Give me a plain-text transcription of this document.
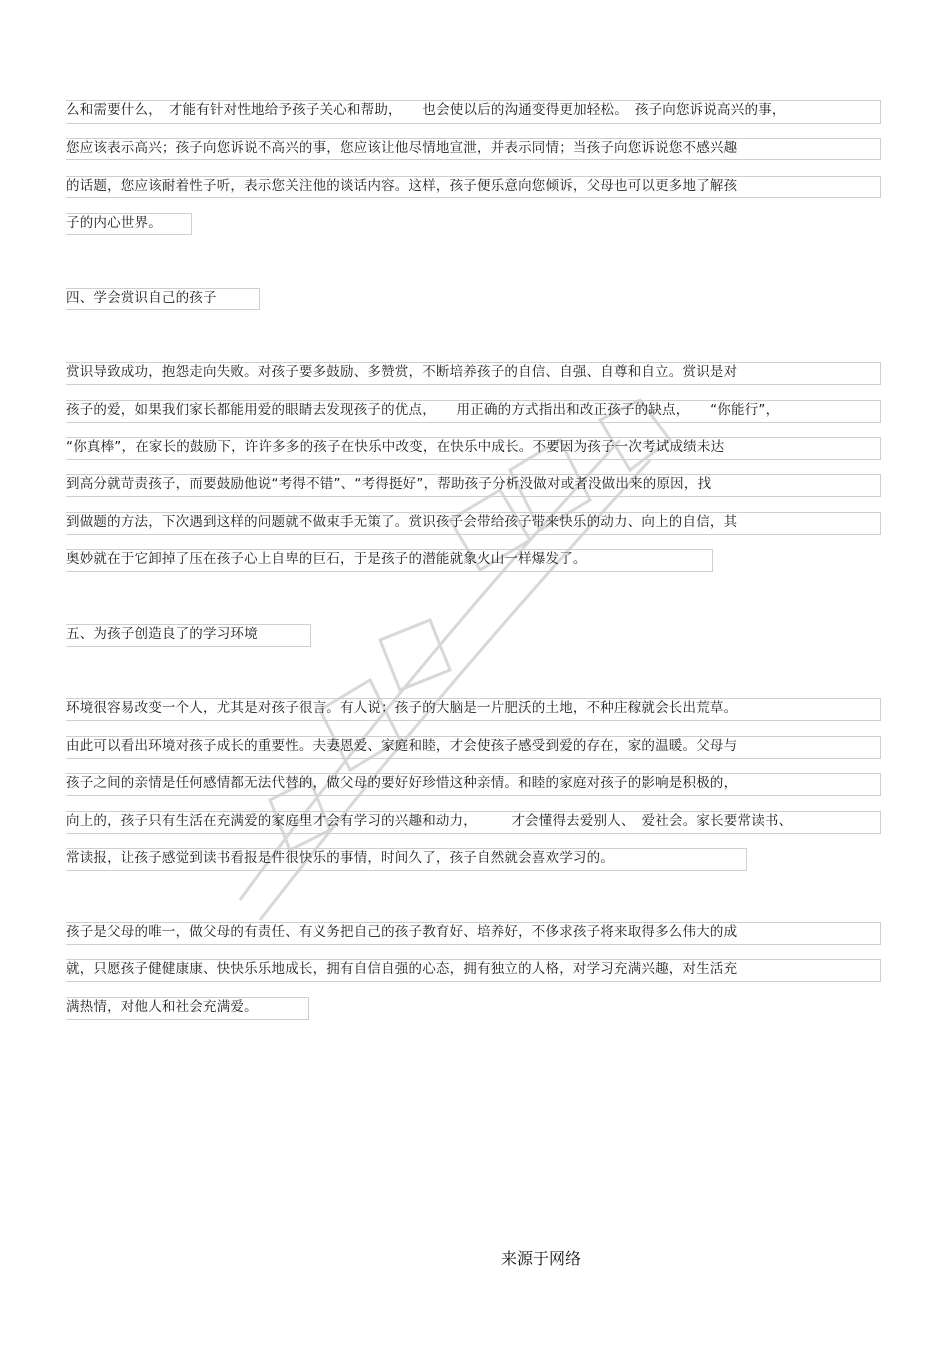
么和需要什么，　才能有针对性地给予孩子关心和帮助，　　也会使以后的沟通变得更加轻松。　孩子向您诉说高兴的事，
您应该表示高兴；孩子向您诉说不高兴的事，您应该让他尽情地宣泄，并表示同情；当孩子向您诉说您不感兴趣
的话题，您应该耐着性子听，表示您关注他的谈话内容。这样，孩子便乐意向您倾诉，父母也可以更多地了解孩
子的内心世界。
四、学会赏识自己的孩子
赏识导致成功，抱怨走向失败。对孩子要多鼓励、多赞赏，不断培养孩子的自信、自强、自尊和自立。赏识是对
孩子的爱，如果我们家长都能用爱的眼睛去发现孩子的优点，　　用正确的方式指出和改正孩子的缺点，　　“你能行”，
“你真棒”，在家长的鼓励下，许许多多的孩子在快乐中改变，在快乐中成长。不要因为孩子一次考试成绩未达
到高分就苛责孩子，而要鼓励他说“考得不错”、“考得挺好”，帮助孩子分析没做对或者没做出来的原因，找
到做题的方法，下次遇到这样的问题就不做束手无策了。赏识孩子会带给孩子带来快乐的动力、向上的自信，其
奥妙就在于它卸掉了压在孩子心上自卑的巨石，于是孩子的潜能就象火山一样爆发了。
五、为孩子创造良了的学习环境
环境很容易改变一个人，尤其是对孩子很言。有人说：孩子的大脑是一片肥沃的土地，不种庄稼就会长出荒草。
由此可以看出环境对孩子成长的重要性。夫妻恩爱、家庭和睦，才会使孩子感受到爱的存在，家的温暖。父母与
孩子之间的亲情是任何感情都无法代替的，做父母的要好好珍惜这种亲情。和睦的家庭对孩子的影响是积极的，
向上的，孩子只有生活在充满爱的家庭里才会有学习的兴趣和动力，　　　才会懂得去爱别人、　爱社会。家长要常读书、
常读报，让孩子感觉到读书看报是件很快乐的事情，时间久了，孩子自然就会喜欢学习的。
孩子是父母的唯一，做父母的有责任、有义务把自己的孩子教育好、培养好，不侈求孩子将来取得多么伟大的成
就，只愿孩子健健康康、快快乐乐地成长，拥有自信自强的心态，拥有独立的人格，对学习充满兴趣，对生活充
满热情，对他人和社会充满爱。
来源于网络
